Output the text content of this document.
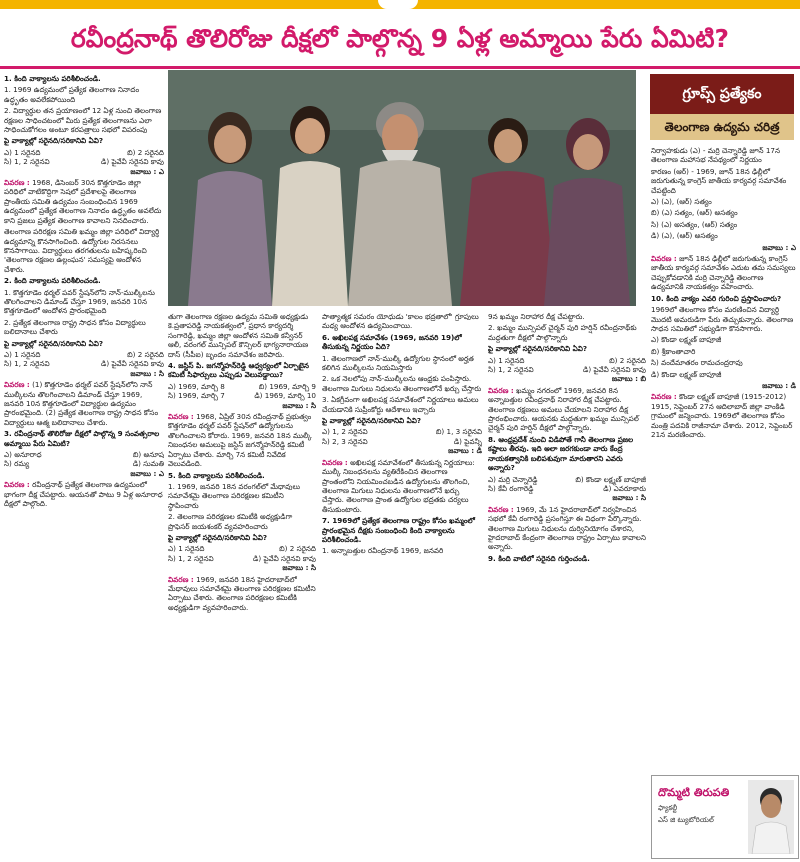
రవీంద్రనాథ్ తొలిరోజు దీక్షలో పాల్గొన్న 9 ఏళ్ల అమ్మాయి పేరు ఏమిటి?

1. కింది వాక్యాలను పరిశీలించండి.

1. 1969 ఉద్యమంలో ప్రత్యేక తెలంగాణ నినాదం ఉద్ధృతం అవలేకపోయింది

2. విద్యార్థుల తన ప్రయాణంలో 12 ఏళ్ల నుంచి తెలంగాణ రక్షణల సాధించటంలో మీరు ప్రత్యేక తెలంగాణను ఎలా సాధించుకోగలం అంటూ కరపత్రాలు సభలో విపరంపు

పై వాక్యాల్లో సరైనది/సరికానివి ఏవి?

ఎ) 1 సరైనది	బి) 2 సరైనది
సి) 1, 2 సరైనవి	డి) పైవేవీ సరైనవి కావు

జవాబు : ఎ

వివరణ : 1968, డిసెంబర్ 30న కొత్తగూడెం జిల్లా పరిధిలో వాటికొద్దిగా సెషలో ప్రదేశాలపై తెలంగాణ ప్రాంతీయ సమితి ఉద్యమం సంబంధించిన 1969 ఉద్యమంలో ప్రత్యేక తెలంగాణ నినాదం ఉద్ధృతం అవలేదు కాని ప్రజలు ప్రత్యేక తెలంగాణ కావాలని నినదించారు.

తెలంగాణ పరిరక్షణ సమితి ఖమ్మం జిల్లా పరిధిలో విద్యార్థి ఉద్యమాన్ని కొనసాగించింది. ఉద్యోగుల నిరసనలు కొనసాగాయి. విద్యార్థులు తరగతులను బహిష్కరించి 'తెలంగాణ రక్షణల ఉల్లంఘన' సమస్యపై ఆందోళన చేశారు.

2. కింది వాక్యాలను పరిశీలించండి.

1. కొత్తగూడెం థర్మల్ పవర్ స్టేషన్‌లోని నాన్-ముల్కీలను తొలగించాలని డిమాండ్ చేస్తూ 1969, జనవరి 10న కొత్తగూడెంలో ఆందోళన ప్రారంభమైంది

2. ప్రత్యేక తెలంగాణ రాష్ట్ర సాధన కోసం విద్యార్థులు బలిదానాలు చేశారు

పై వాక్యాల్లో సరైనది/సరికానివి ఏవి?

ఎ) 1 సరైనది	బి) 2 సరైనది
సి) 1, 2 సరైనవి	డి) పైవేవీ సరైనవి కావు

జవాబు : సి

వివరణ : (1) కొత్తగూడెం థర్మల్ పవర్ స్టేషన్‌లోని నాన్ ముల్కీలను తొలగించాలని డిమాండ్ చేస్తూ 1969, జనవరి 10న కొత్తగూడెంలో విద్యార్థుల ఉద్యమం ప్రారంభమైంది. (2) ప్రత్యేక తెలంగాణ రాష్ట్ర సాధన కోసం విద్యార్థులు ఆత్మ బలిదానాలు చేశారు.

3. రవీంద్రనాథ్ తొలిరోజు దీక్షలో పాల్గొన్న 9 సంవత్సరాల అమ్మాయి పేరు ఏమిటి?

ఎ) అనూరాధ	బి) అనూష
సి) రమ్య	డి) సుమతి

జవాబు : ఎ

వివరణ : రవీంద్రనాథ్ ప్రత్యేక తెలంగాణ ఉద్యమంలో భాగంగా దీక్ష చేపట్టారు. ఆయనతో పాటు 9 ఏళ్ల అనూరాధ దీక్షలో పాల్గొంది.

తుగా తెలంగాణ రక్షణల ఉద్యమ సమితి అధ్యక్షుడు కె.ప్రతాపరెడ్డి నాయకత్వంలో, ప్రధాన కార్యదర్శి సంగారెడ్డి, ఖమ్మం జిల్లా ఆందోళన సమితి కన్వీనర్ ఆలీ, వరంగల్ మున్సిపల్ కౌన్సిలర్ భాగ్యనారాయణ దాస్ (సీపీఐ) బృందం సమావేశం జరిపారు.

4. జస్టిస్ పి. జగన్మోహన్‌రెడ్డి ఆధ్వర్యంలో ఏర్పాటైన కమిటీ సిఫార్సులు ఎప్పుడు వెలువడ్డాయి?

ఎ) 1969, మార్చి 8	బి) 1969, మార్చి 9
సి) 1969, మార్చి 7	డి) 1969, మార్చి 10

జవాబు : సి

వివరణ : 1968, ఏప్రిల్ 30న రవీంద్రనాథ్ ప్రభుత్వం కొత్తగూడెం థర్మల్ పవర్ స్టేషన్‌లో ఉద్యోగులను తొలగించాలని కోరారు. 1969, జనవరి 18న ముల్కీ నిబంధనల అమలుపై జస్టిస్ జగన్మోహన్‌రెడ్డి కమిటీ ఏర్పాటు చేశారు. మార్చి 7న కమిటీ నివేదిక వెలువడింది.

5. కింది వాక్యాలను పరిశీలించండి.

1. 1969, జనవరి 18న వరంగల్‌లో మేధావులు సమావేశమై తెలంగాణ పరిరక్షణల కమిటీని స్థాపించారు

2. తెలంగాణ పరిరక్షణల కమిటీకి అధ్యక్షుడిగా ప్రొఫెసర్ జయశంకర్ వ్యవహరించారు

పై వాక్యాల్లో సరైనది/సరికానివి ఏవి?

ఎ) 1 సరైనది	బి) 2 సరైనది
సి) 1, 2 సరైనవి	డి) పైవేవీ సరైనవి కావు

జవాబు : సి

వివరణ : 1969, జనవరి 18న హైదరాబాద్‌లో మేధావులు సమావేశమై తెలంగాణ పరిరక్షణల కమిటీని ఏర్పాటు చేశారు. తెలంగాణ పరిరక్షణల కమిటీకి అధ్యక్షుడిగా వ్యవహరించారు.

పాత్యాత్మక సమరం యోధుడు 'కాలం భద్రతాలో' గ్రూపులు మధ్య ఆందోళన ఉద్యమించాయి.

6. అఖిలపక్ష సమావేశం (1969, జనవరి 19)లో తీసుకున్న నిర్ణయం ఏది?

1. తెలంగాణలో నాన్-ముల్కీ ఉద్యోగుల స్థానంలో అర్హత కలిగిన ముల్కీలను నియమిస్తారు

2. ఒక నెలలోపు నాన్-ముల్కీలను ఆంధ్రకు పంపిస్తారు. తెలంగాణ మిగులు నిధులను తెలంగాణలోనే ఖర్చు చేస్తారు

3. ఏకగ్రీవంగా అఖిలపక్ష సమావేశంలో నిర్ణయాలు అమలు చేయడానికి సుప్రీంకోర్టు ఆదేశాలు ఇచ్చారు

పై వాక్యాల్లో సరైనది/సరికానివి ఏవి?

ఎ) 1, 2 సరైనవి	బి) 1, 3 సరైనవి
సి) 2, 3 సరైనవి	డి) పైవన్నీ

జవాబు : డి

వివరణ : అఖిలపక్ష సమావేశంలో తీసుకున్న నిర్ణయాలు: ముల్కీ నిబంధనలను వ్యతిరేకించిన తెలంగాణ ప్రాంతంలోని నియమించబడిన ఉద్యోగులను తొలగించి, తెలంగాణ మిగులు నిధులను తెలంగాణలోనే ఖర్చు చేస్తారు. తెలంగాణ ప్రాంత ఉద్యోగుల భద్రతకు చర్యలు తీసుకుంటారు.

7. 1969లో ప్రత్యేక తెలంగాణ రాష్ట్రం కోసం ఖమ్మంలో ప్రారంభమైన దీక్షకు సంబంధించి కింది వాక్యాలను పరిశీలించండి.

1. అన్నాబత్తుల రవీంద్రనాథ్ 1969, జనవరి

9న ఖమ్మం నిరాహార దీక్ష చేపట్టారు.

2. ఖమ్మం మున్సిపల్ చైర్మన్ పురి హర్షిన్ రవీంద్రనాథ్‌కు మద్దతుగా దీక్షలో పాల్గొన్నారు

పై వాక్యాల్లో సరైనది/సరికానివి ఏవి?

ఎ) 1 సరైనది	బి) 2 సరైనది
సి) 1, 2 సరైనవి	డి) పైవేవీ సరైనవి కావు

జవాబు : బి

వివరణ : ఖమ్మం నగరంలో 1969, జనవరి 8న అన్నాబత్తుల రవీంద్రనాథ్ నిరాహార దీక్ష చేపట్టారు. తెలంగాణ రక్షణలు అమలు చేయాలని నిరాహార దీక్ష ప్రారంభించారు. ఆయనకు మద్దతుగా ఖమ్మం మున్సిపల్ చైర్మన్ పురి హర్షిన్ దీక్షలో పాల్గొన్నారు.

8. ఆంధ్రప్రదేశ్ నుంచి విడిపోతే గానీ తెలంగాణ ప్రజల కష్టాలు తీరవు. ఇది అలా జరగకుండా వారు కేంద్ర నాయకత్వానికి బలిపశువుగా మారుతారని ఎవరు అన్నారు?

ఎ) మర్రి చెన్నారెడ్డి	బి) కొండా లక్ష్మణ్ బాపూజీ
సి) కేవీ రంగారెడ్డి	డి) ఎవరూకారు

జవాబు : సి

వివరణ : 1969, మే 1న హైదరాబాద్‌లో నిర్వహించిన సభలో కేవీ రంగారెడ్డి ప్రసంగిస్తూ ఈ విధంగా పేర్కొన్నారు. తెలంగాణ మిగులు నిధులను దుర్వినియోగం చేశారని, హైదరాబాద్ కేంద్రంగా తెలంగాణ రాష్ట్రం ఏర్పాటు కావాలని అన్నారు.

9. కింది వాటిలో సరైనది గుర్తించండి.

గ్రూప్స్ ప్రత్యేకం
తెలంగాణ ఉద్యమ చరిత్ర

నిర్వాహకుడు (ఎ) - మర్రి చెన్నారెడ్డి జూన్ 17న తెలంగాణ మహాసభ నేపథ్యంలో నిర్ణయం

కారణం (ఆర్) - 1969, జూన్ 18న ఢిల్లీలో జరుగుతున్న కాంగ్రెస్ జాతీయ కార్యవర్గ సమావేశం చేపట్టింది

ఎ) (ఎ), (ఆర్) సత్యం

బి) (ఎ) సత్యం, (ఆర్) అసత్యం

సి) (ఎ) అసత్యం, (ఆర్) సత్యం

డి) (ఎ), (ఆర్) అసత్యం

జవాబు : ఎ

వివరణ : జూన్ 18న ఢిల్లీలో జరుగుతున్న కాంగ్రెస్ జాతీయ కార్యవర్గ సమావేశం ఎదుట తమ సమస్యలు చెప్పుకోవడానికి మర్రి చెన్నారెడ్డి తెలంగాణ ఉద్యమానికి నాయకత్వం వహించారు.

10. కింది వాక్యం ఎవరి గురించి ప్రస్తావించారు?

1969లో తెలంగాణ కోసం మరణించిన విద్యార్థి మొదటి అమరుడిగా పేరు తెచ్చుకున్నారు. తెలంగాణ సాధన సమితిలో సభ్యుడిగా కొనసాగారు.

ఎ) కొండా లక్ష్మణ్ బాపూజీ

బి) శ్రీకాంతాచారి

సి) వందేమాతరం రామచంద్రరావు

డి) కొండా లక్ష్మణ్ బాపూజీ

జవాబు : డి

వివరణ : కొండా లక్ష్మణ్ బాపూజీ (1915-2012) 1915, సెప్టెంబర్ 27న ఆదిలాబాద్ జిల్లా వాంకిడి గ్రామంలో జన్మించారు. 1969లో తెలంగాణ కోసం మంత్రి పదవికి రాజీనామా చేశారు. 2012, సెప్టెంబర్ 21న మరణించారు.

దొమ్మటి తిరుపతి
ఫ్యాకల్టీ
ఎస్ జి ట్యుటోరియల్
